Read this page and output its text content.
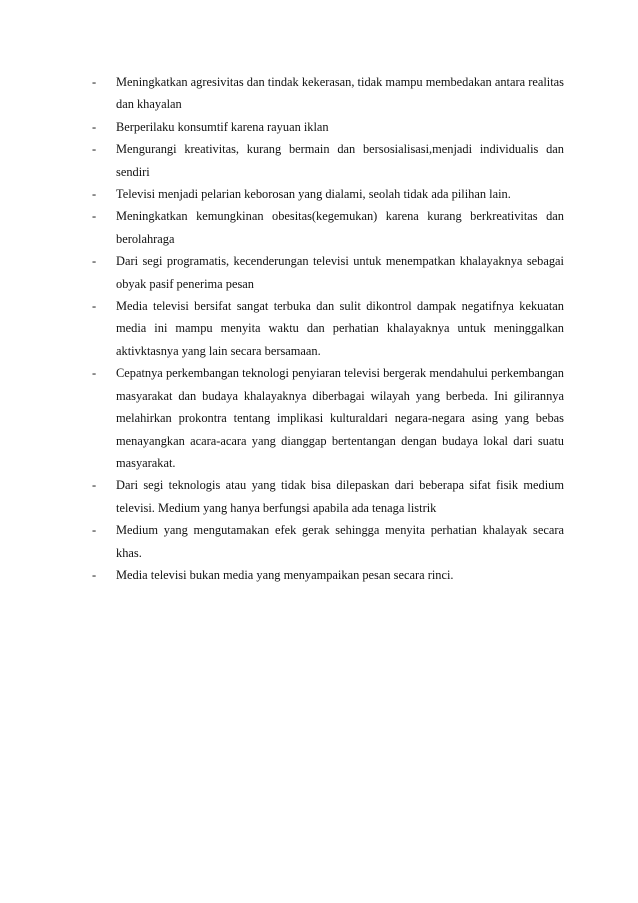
-	Meningkatkan agresivitas dan tindak kekerasan, tidak mampu membedakan antara realitas dan khayalan
-	Berperilaku konsumtif karena rayuan iklan
-	Mengurangi kreativitas, kurang bermain dan bersosialisasi,menjadi individualis dan sendiri
-	Televisi menjadi pelarian keborosan yang dialami, seolah tidak ada pilihan lain.
-	Meningkatkan kemungkinan obesitas(kegemukan) karena kurang berkreativitas dan berolahraga
-	Dari segi programatis, kecenderungan televisi untuk menempatkan khalayaknya sebagai obyak pasif penerima pesan
-	Media televisi bersifat sangat terbuka dan sulit dikontrol dampak negatifnya kekuatan media ini mampu menyita waktu dan perhatian khalayaknya untuk meninggalkan aktivktasnya yang lain secara bersamaan.
-	Cepatnya perkembangan teknologi penyiaran televisi bergerak mendahului perkembangan masyarakat dan budaya khalayaknya diberbagai wilayah yang berbeda. Ini gilirannya melahirkan prokontra tentang implikasi kulturaldari negara-negara asing yang bebas menayangkan acara-acara yang dianggap bertentangan dengan budaya lokal dari suatu masyarakat.
-	Dari segi teknologis atau yang tidak bisa dilepaskan dari beberapa sifat fisik medium televisi. Medium yang hanya berfungsi apabila ada tenaga listrik
-	Medium yang mengutamakan efek gerak sehingga menyita perhatian khalayak secara khas.
-	Media televisi bukan media yang menyampaikan pesan secara rinci.
